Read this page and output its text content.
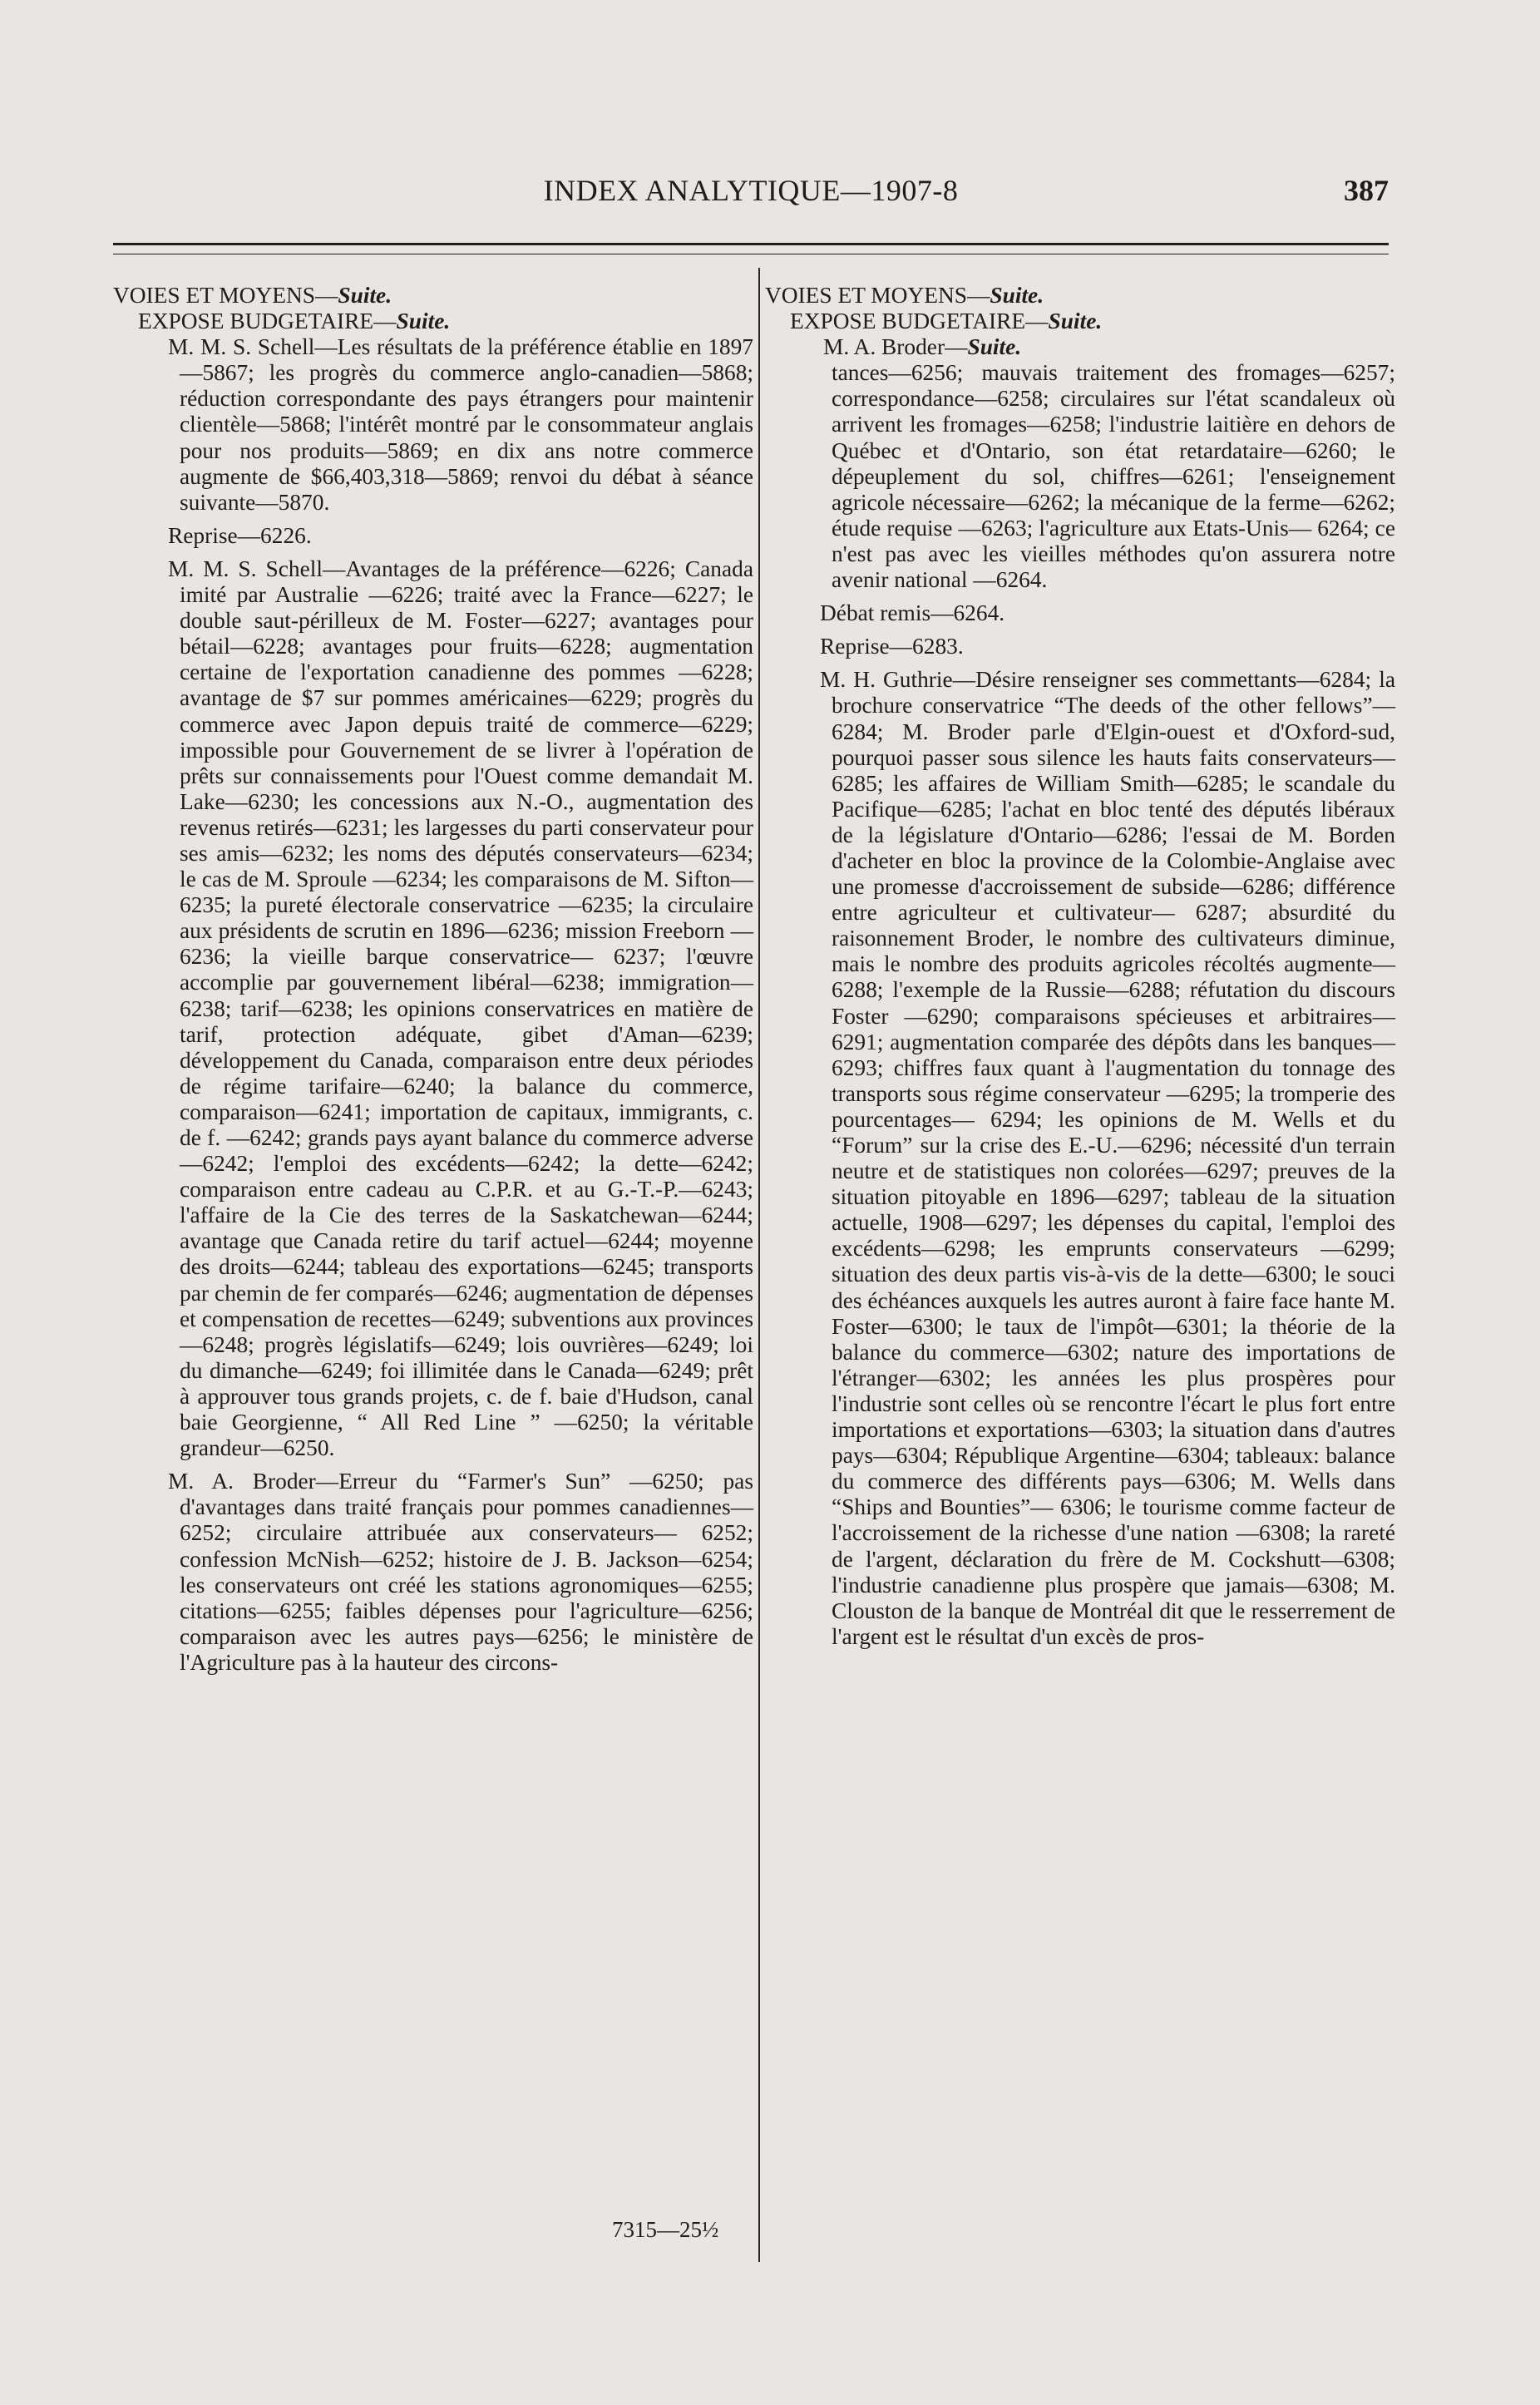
INDEX ANALYTIQUE—1907-8	387

VOIES ET MOYENS—Suite.

EXPOSE BUDGETAIRE—Suite.

M. M. S. Schell—Les résultats de la préférence établie en 1897—5867; les progrès du commerce anglo-canadien—5868; réduction correspondante des pays étrangers pour maintenir clientèle—5868; l'intérêt montré par le consommateur anglais pour nos produits—5869; en dix ans notre commerce augmente de $66,403,318—5869; renvoi du débat à séance suivante—5870.

Reprise—6226.

M. M. S. Schell—Avantages de la préférence—6226; Canada imité par Australie —6226; traité avec la France—6227; le double saut-périlleux de M. Foster—6227; avantages pour bétail—6228; avantages pour fruits—6228; augmentation certaine de l'exportation canadienne des pommes —6228; avantage de $7 sur pommes américaines—6229; progrès du commerce avec Japon depuis traité de commerce—6229; impossible pour Gouvernement de se livrer à l'opération de prêts sur connaissements pour l'Ouest comme demandait M. Lake—6230; les concessions aux N.-O., augmentation des revenus retirés—6231; les largesses du parti conservateur pour ses amis—6232; les noms des députés conservateurs—6234; le cas de M. Sproule —6234; les comparaisons de M. Sifton— 6235; la pureté électorale conservatrice —6235; la circulaire aux présidents de scrutin en 1896—6236; mission Freeborn —6236; la vieille barque conservatrice— 6237; l'œuvre accomplie par gouvernement libéral—6238; immigration—6238; tarif—6238; les opinions conservatrices en matière de tarif, protection adéquate, gibet d'Aman—6239; développement du Canada, comparaison entre deux périodes de régime tarifaire—6240; la balance du commerce, comparaison—6241; importation de capitaux, immigrants, c. de f. —6242; grands pays ayant balance du commerce adverse—6242; l'emploi des excédents—6242; la dette—6242; comparaison entre cadeau au C.P.R. et au G.-T.-P.—6243; l'affaire de la Cie des terres de la Saskatchewan—6244; avantage que Canada retire du tarif actuel—6244; moyenne des droits—6244; tableau des exportations—6245; transports par chemin de fer comparés—6246; augmentation de dépenses et compensation de recettes—6249; subventions aux provinces—6248; progrès législatifs—6249; lois ouvrières—6249; loi du dimanche—6249; foi illimitée dans le Canada—6249; prêt à approuver tous grands projets, c. de f. baie d'Hudson, canal baie Georgienne, “ All Red Line ” —6250; la véritable grandeur—6250.

M. A. Broder—Erreur du “Farmer's Sun” —6250; pas d'avantages dans traité français pour pommes canadiennes—6252; circulaire attribuée aux conservateurs— 6252; confession McNish—6252; histoire de J. B. Jackson—6254; les conservateurs ont créé les stations agronomiques—6255; citations—6255; faibles dépenses pour l'agriculture—6256; comparaison avec les autres pays—6256; le ministère de l'Agriculture pas à la hauteur des circons-

VOIES ET MOYENS—Suite.

EXPOSE BUDGETAIRE—Suite.

M. A. Broder—Suite.

tances—6256; mauvais traitement des fromages—6257; correspondance—6258; circulaires sur l'état scandaleux où arrivent les fromages—6258; l'industrie laitière en dehors de Québec et d'Ontario, son état retardataire—6260; le dépeuplement du sol, chiffres—6261; l'enseignement agricole nécessaire—6262; la mécanique de la ferme—6262; étude requise —6263; l'agriculture aux Etats-Unis— 6264; ce n'est pas avec les vieilles méthodes qu'on assurera notre avenir national —6264.

Débat remis—6264.

Reprise—6283.

M. H. Guthrie—Désire renseigner ses commettants—6284; la brochure conservatrice “The deeds of the other fellows”— 6284; M. Broder parle d'Elgin-ouest et d'Oxford-sud, pourquoi passer sous silence les hauts faits conservateurs—6285; les affaires de William Smith—6285; le scandale du Pacifique—6285; l'achat en bloc tenté des députés libéraux de la législature d'Ontario—6286; l'essai de M. Borden d'acheter en bloc la province de la Colombie-Anglaise avec une promesse d'accroissement de subside—6286; différence entre agriculteur et cultivateur— 6287; absurdité du raisonnement Broder, le nombre des cultivateurs diminue, mais le nombre des produits agricoles récoltés augmente—6288; l'exemple de la Russie—6288; réfutation du discours Foster —6290; comparaisons spécieuses et arbitraires—6291; augmentation comparée des dépôts dans les banques—6293; chiffres faux quant à l'augmentation du tonnage des transports sous régime conservateur —6295; la tromperie des pourcentages— 6294; les opinions de M. Wells et du “Forum” sur la crise des E.-U.—6296; nécessité d'un terrain neutre et de statistiques non colorées—6297; preuves de la situation pitoyable en 1896—6297; tableau de la situation actuelle, 1908—6297; les dépenses du capital, l'emploi des excédents—6298; les emprunts conservateurs —6299; situation des deux partis vis-à-vis de la dette—6300; le souci des échéances auxquels les autres auront à faire face hante M. Foster—6300; le taux de l'impôt—6301; la théorie de la balance du commerce—6302; nature des importations de l'étranger—6302; les années les plus prospères pour l'industrie sont celles où se rencontre l'écart le plus fort entre importations et exportations—6303; la situation dans d'autres pays—6304; République Argentine—6304; tableaux: balance du commerce des différents pays—6306; M. Wells dans “Ships and Bounties”— 6306; le tourisme comme facteur de l'accroissement de la richesse d'une nation —6308; la rareté de l'argent, déclaration du frère de M. Cockshutt—6308; l'industrie canadienne plus prospère que jamais—6308; M. Clouston de la banque de Montréal dit que le resserrement de l'argent est le résultat d'un excès de pros-

7315—25½
